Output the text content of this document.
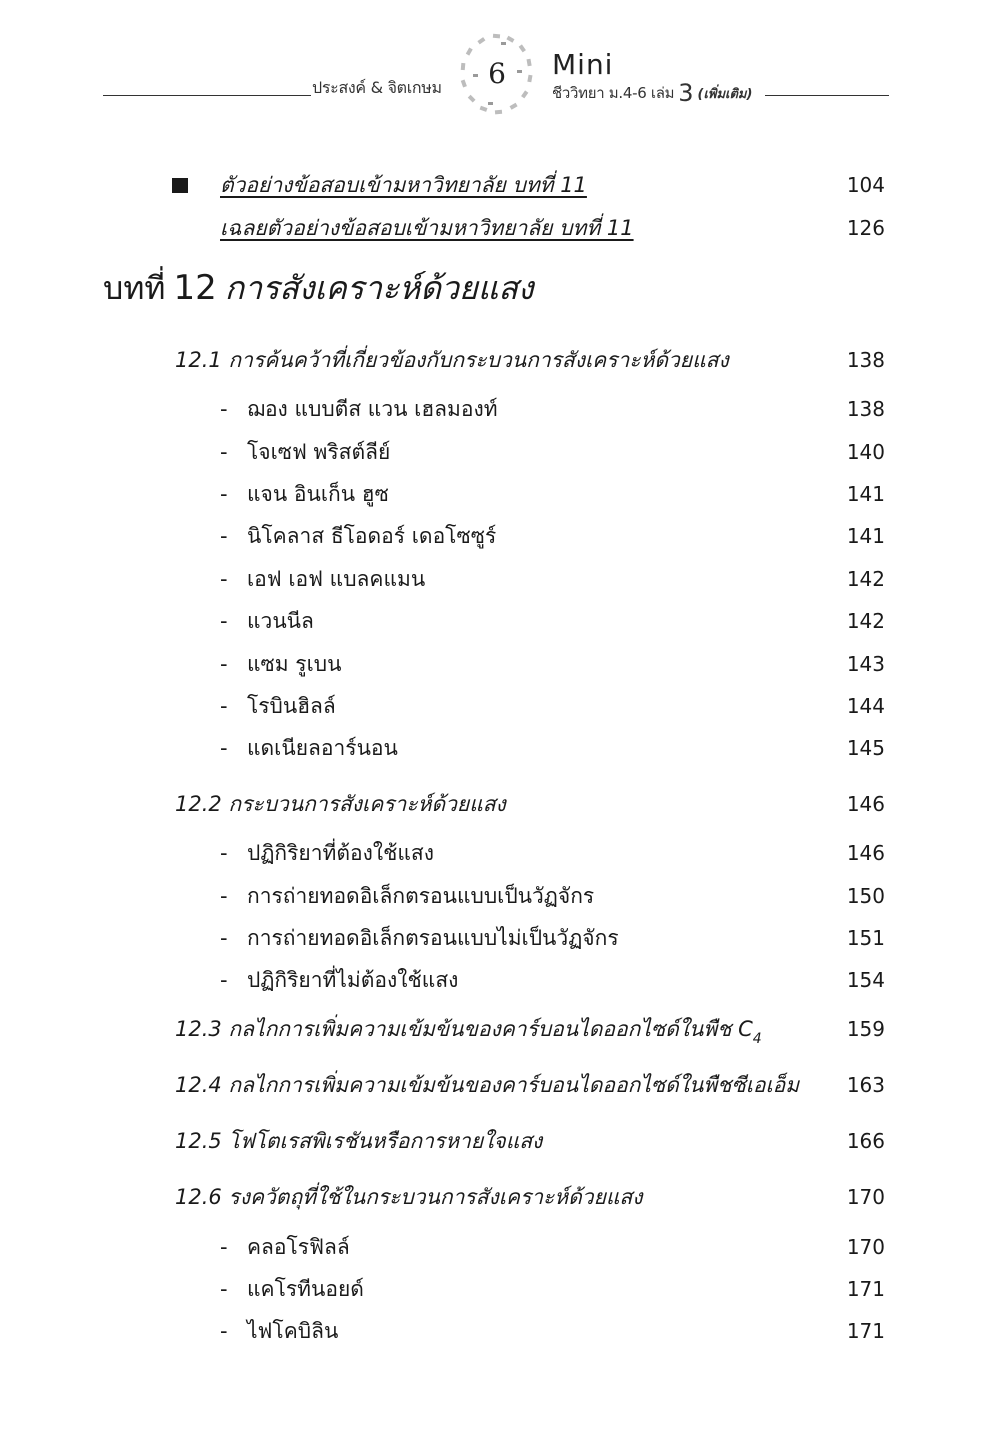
ประสงค์ & จิตเกษม	6	Mini
ชีววิทยา ม.4-6 เล่ม 3 (เพิ่มเติม)
ตัวอย่างข้อสอบเข้ามหาวิทยาลัย บทที่ 11	104
เฉลยตัวอย่างข้อสอบเข้ามหาวิทยาลัย บทที่ 11	126
บทที่ 12 การสังเคราะห์ด้วยแสง
12.1 การค้นคว้าที่เกี่ยวข้องกับกระบวนการสังเคราะห์ด้วยแสง	138
- ฌอง แบบตีส แวน เฮลมองท์	138
- โจเซฟ พริสต์ลีย์	140
- แจน อินเก็น ฮูซ	141
- นิโคลาส ธีโอดอร์ เดอโซซูร์	141
- เอฟ เอฟ แบลคแมน	142
- แวนนีล	142
- แซม รูเบน	143
- โรบินฮิลล์	144
- แดเนียลอาร์นอน	145
12.2 กระบวนการสังเคราะห์ด้วยแสง	146
- ปฏิกิริยาที่ต้องใช้แสง	146
- การถ่ายทอดอิเล็กตรอนแบบเป็นวัฏจักร	150
- การถ่ายทอดอิเล็กตรอนแบบไม่เป็นวัฏจักร	151
- ปฏิกิริยาที่ไม่ต้องใช้แสง	154
12.3 กลไกการเพิ่มความเข้มข้นของคาร์บอนไดออกไซด์ในพืช $C_4$	159
12.4 กลไกการเพิ่มความเข้มข้นของคาร์บอนไดออกไซด์ในพืชซีเอเอ็ม 163
12.5 โฟโตเรสพิเรชันหรือการหายใจแสง	166
12.6 รงควัตถุที่ใช้ในกระบวนการสังเคราะห์ด้วยแสง	170
- คลอโรฟิลล์	170
- แคโรทีนอยด์	171
- ไฟโคบิลิน	171
